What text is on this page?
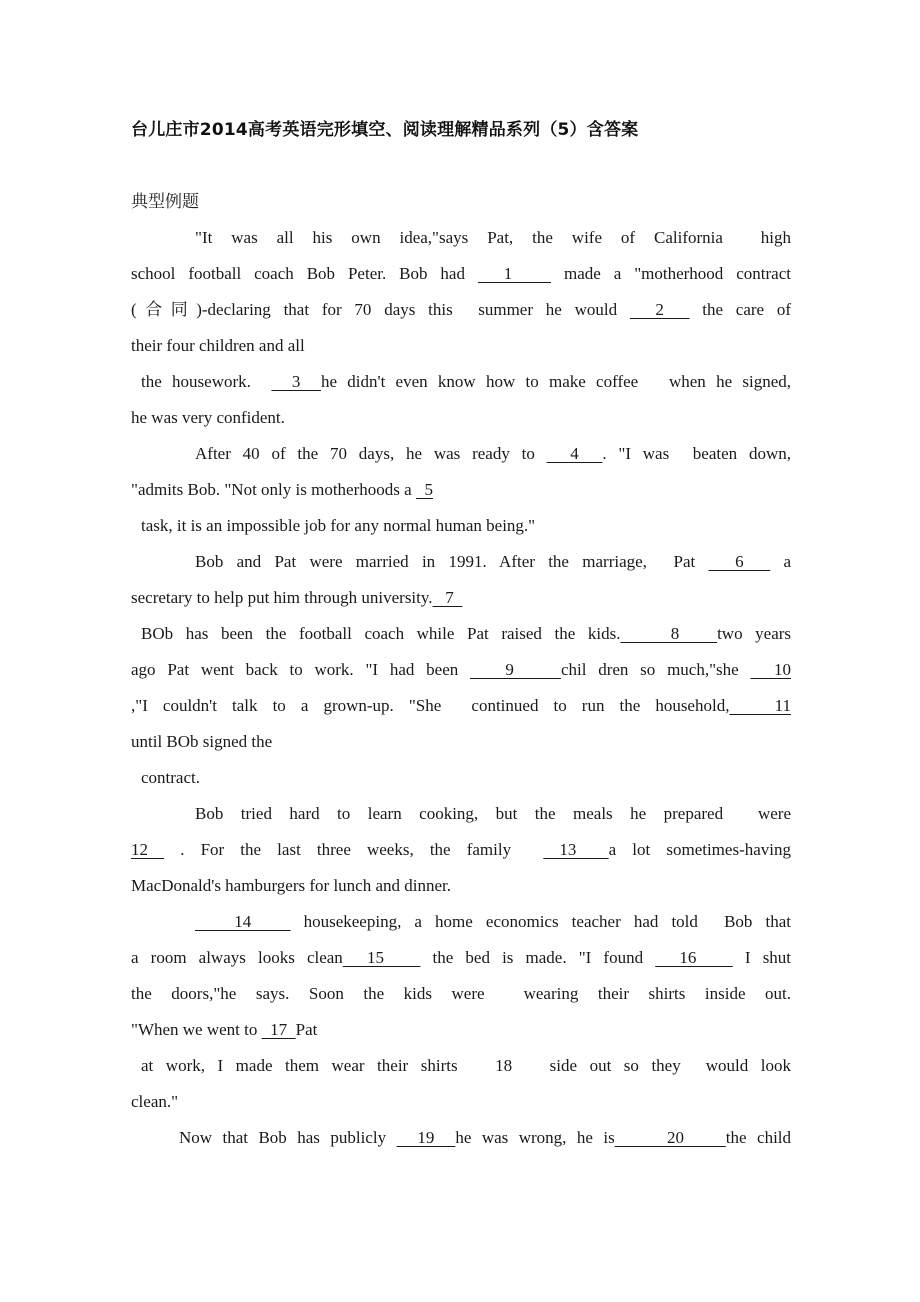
台儿庄市2014高考英语完形填空、阅读理解精品系列（5）含答案
典型例题
"It was all his own idea,"says Pat, the wife of California  high
school football coach Bob Peter. Bob had   1    made a "motherhood contract
(合同)-declaring that for 70 days this  summer he would   2   the care of
their four children and all
the housework.    3  he didn't even know how to make coffee   when he signed,
he was very confident.
After 40 of the 70 days, he was ready to   4  . "I was  beaten down,
"admits Bob. "Not only is motherhoods a   5
task, it is an impossible job for any normal human being."
Bob and Pat were married in 1991. After the marriage,  Pat   6   a
secretary to help put him through university.   7
BOb has been the football coach while Pat raised the kids.    8   two years
ago Pat went back to work. "I had been    9    chil dren so much,"she   10
,"I couldn't talk to a grown-up. "She  continued to run the household,   11
until BOb signed the
contract.
Bob tried hard to learn cooking, but the meals he prepared  were
12  . For the last three weeks, the family   13  a lot sometimes-having
MacDonald's hamburgers for lunch and dinner.
14    housekeeping, a home economics teacher had told  Bob that
a room always looks clean  15    the bed is made. "I found   16    I shut
the doors,"he says. Soon the kids were  wearing their shirts inside out.
"When we went to   17  Pat
at work, I made them wear their shirts   18   side out so they  would look
clean."
Now that Bob has publicly   19  he was wrong, he is     20    the child
